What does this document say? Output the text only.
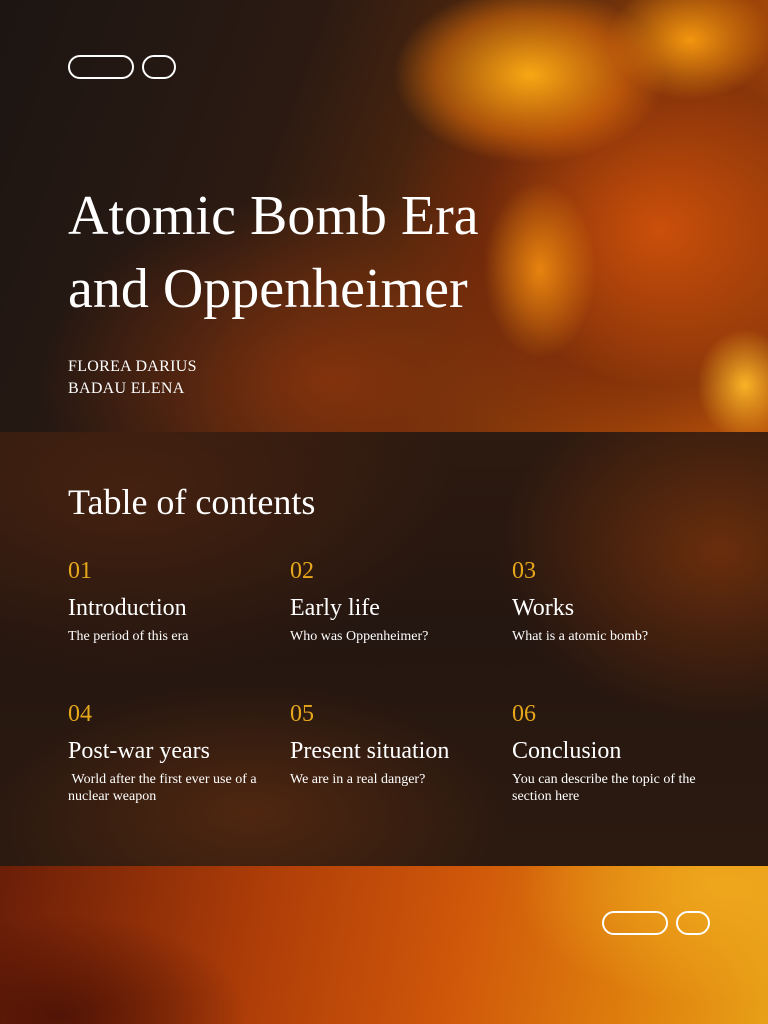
Atomic Bomb Era
and Oppenheimer
FLOREA DARIUS
BADAU ELENA
Table of contents
01
Introduction
The period of this era
02
Early life
Who was Oppenheimer?
03
Works
What is a atomic bomb?
04
Post-war years
World after the first ever use of a nuclear weapon
05
Present situation
We are in a real danger?
06
Conclusion
You can describe the topic of the section here
